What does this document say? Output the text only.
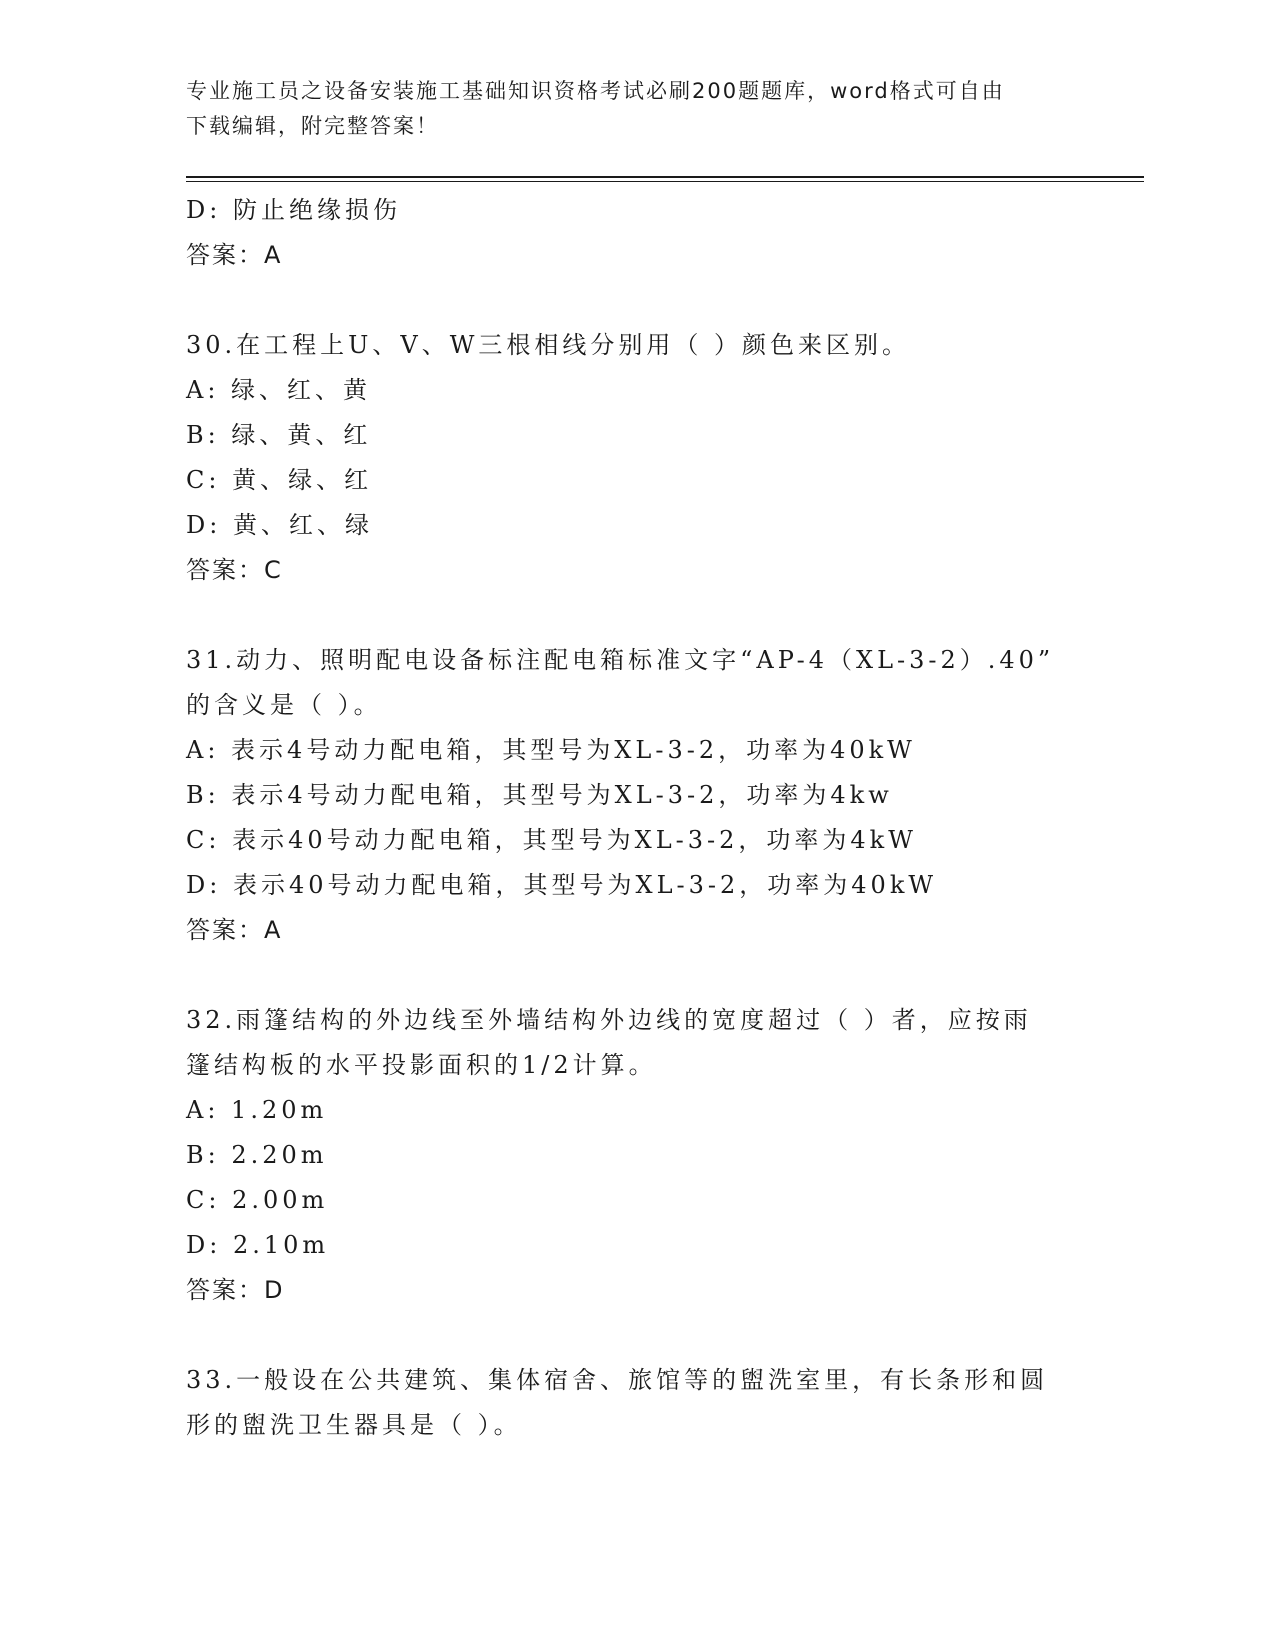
专业施工员之设备安装施工基础知识资格考试必刷200题题库，word格式可自由
下载编辑，附完整答案！
D: 防止绝缘损伤
答案：A
30.在工程上U、V、W三根相线分别用（ ）颜色来区别。
A: 绿、红、黄
B: 绿、黄、红
C: 黄、绿、红
D: 黄、红、绿
答案：C
31.动力、照明配电设备标注配电箱标准文字“AP-4（XL-3-2）.40”
的含义是（ ）。
A: 表示4号动力配电箱，其型号为XL-3-2，功率为40kW
B: 表示4号动力配电箱，其型号为XL-3-2，功率为4kw
C: 表示40号动力配电箱，其型号为XL-3-2，功率为4kW
D: 表示40号动力配电箱，其型号为XL-3-2，功率为40kW
答案：A
32.雨篷结构的外边线至外墙结构外边线的宽度超过（ ）者，应按雨
篷结构板的水平投影面积的1/2计算。
A: 1.20m
B: 2.20m
C: 2.00m
D: 2.10m
答案：D
33.一般设在公共建筑、集体宿舍、旅馆等的盥洗室里，有长条形和圆
形的盥洗卫生器具是（ ）。
